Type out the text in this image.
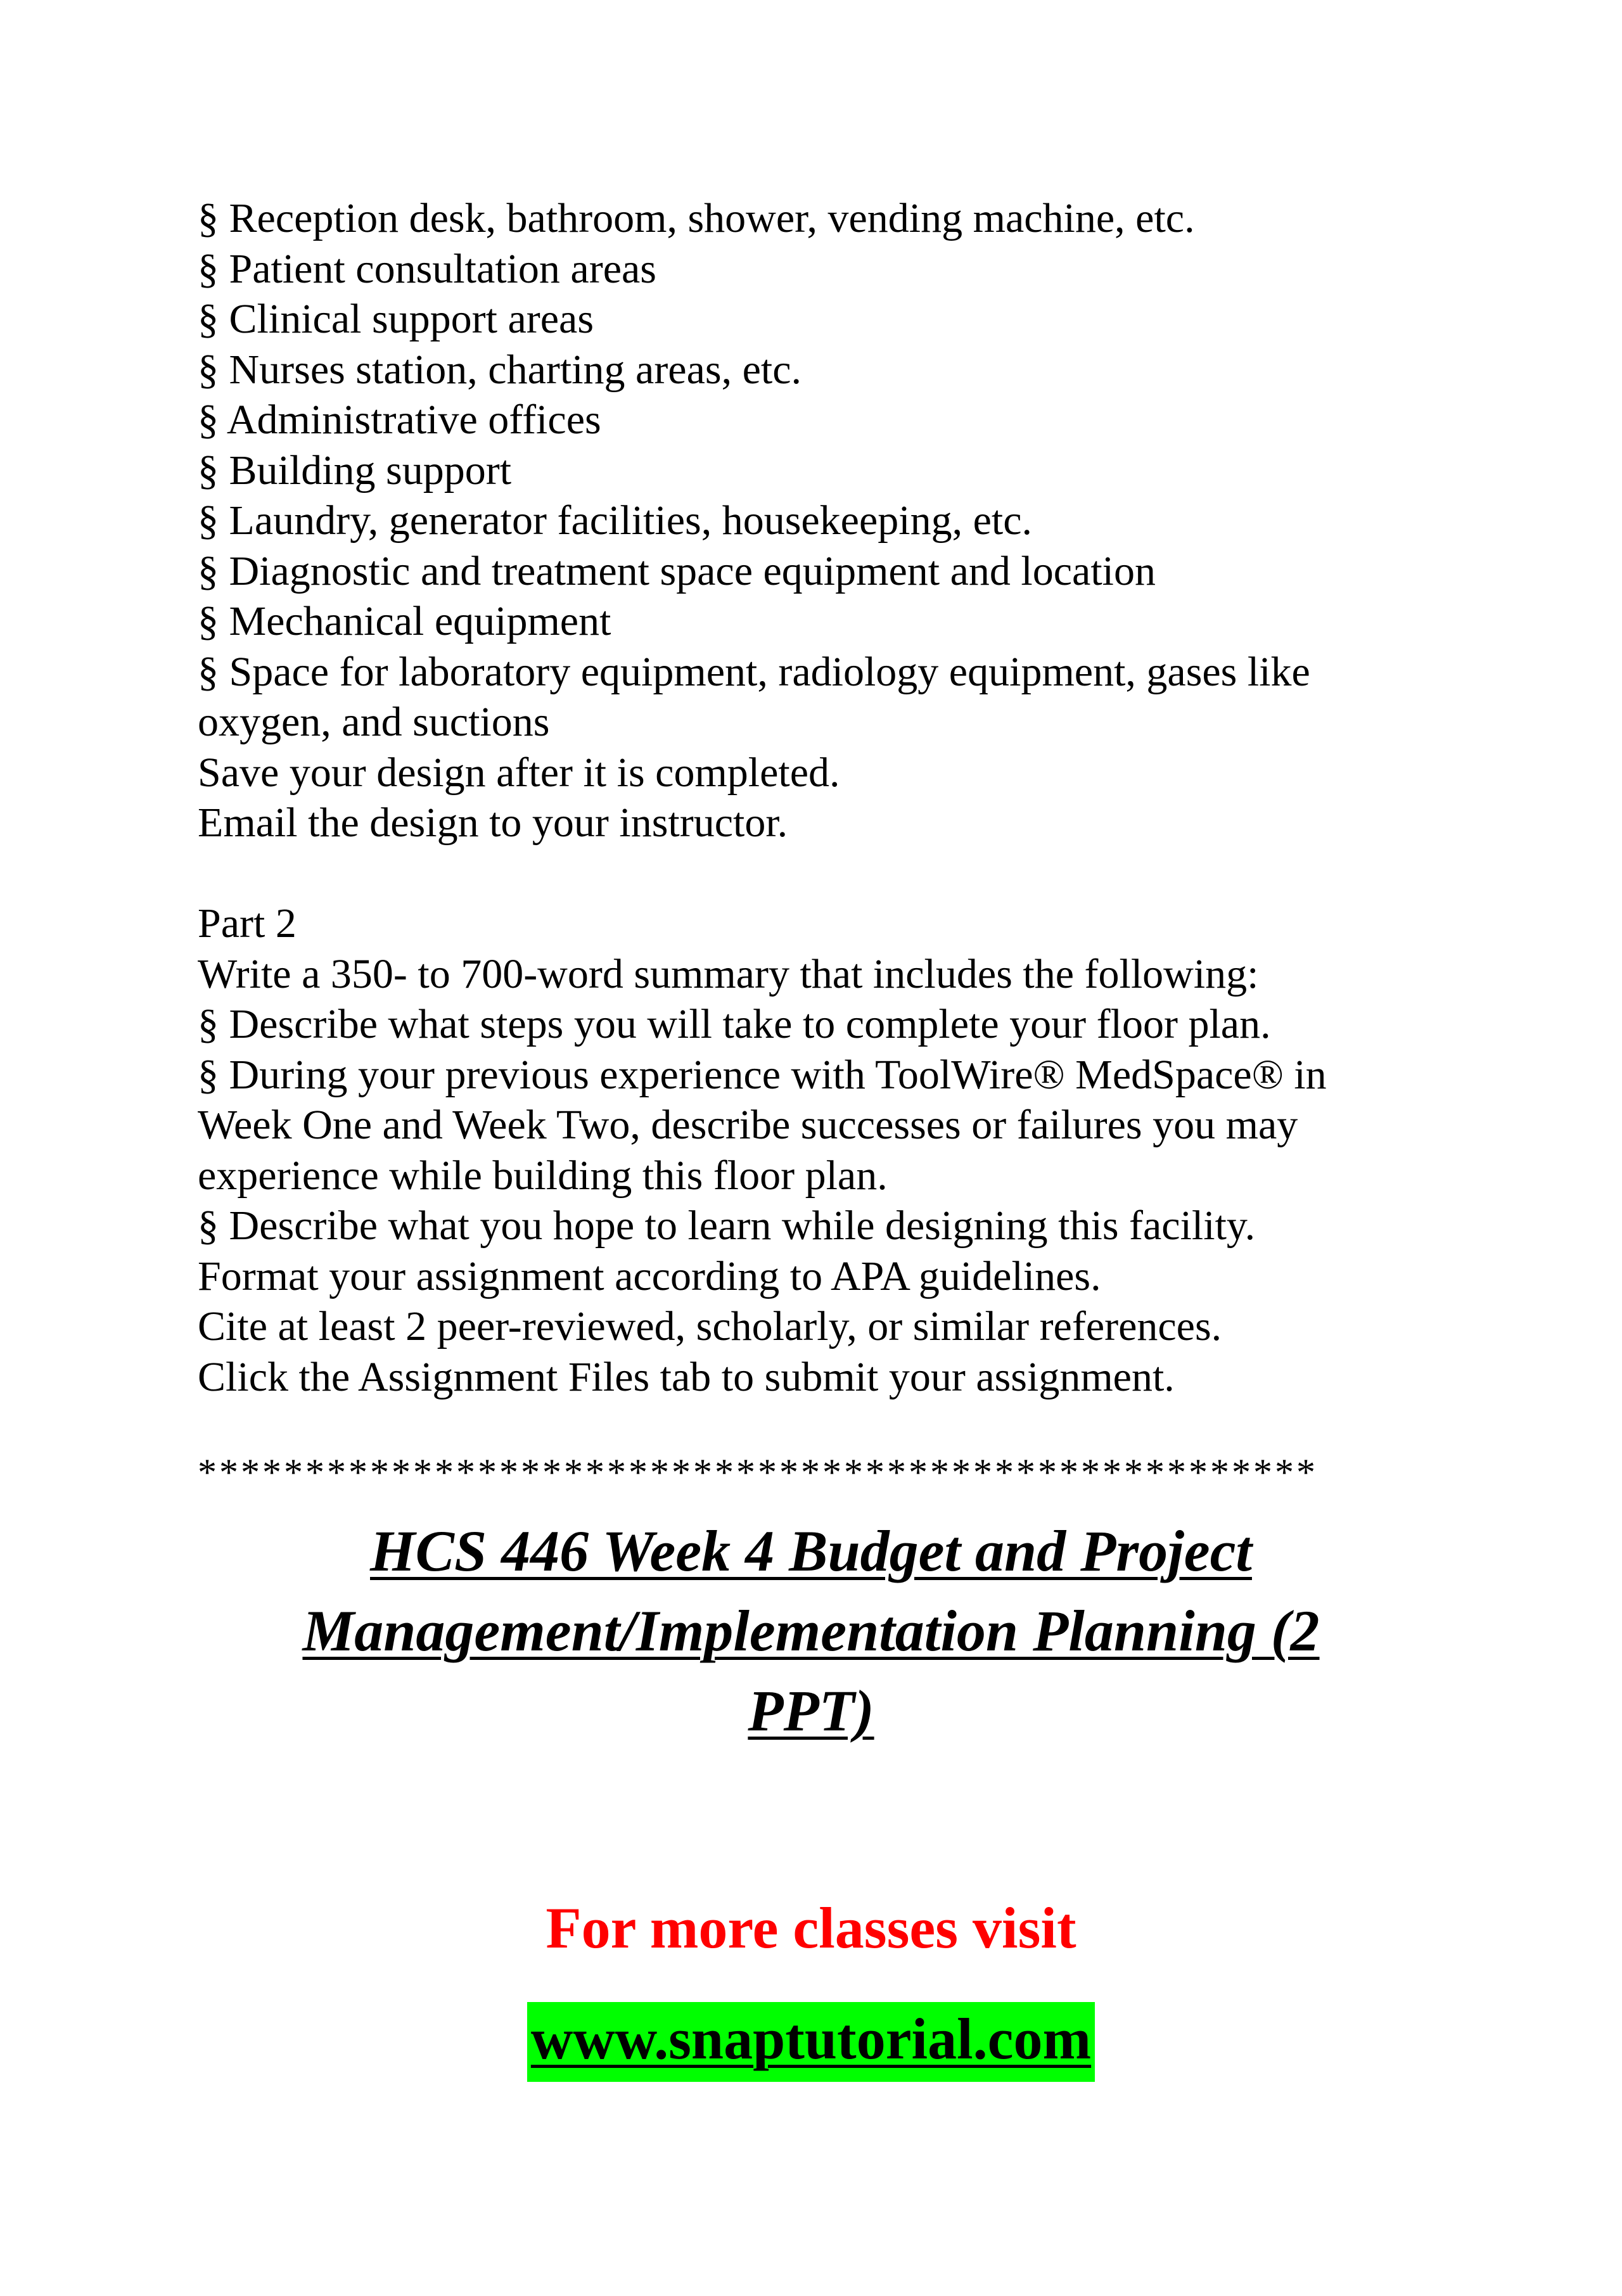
§ Reception desk, bathroom, shower, vending machine, etc.
§ Patient consultation areas
§ Clinical support areas
§ Nurses station, charting areas, etc.
§ Administrative offices
§ Building support
§ Laundry, generator facilities, housekeeping, etc.
§ Diagnostic and treatment space equipment and location
§ Mechanical equipment
§ Space for laboratory equipment, radiology equipment, gases like
oxygen, and suctions
Save your design after it is completed.
Email the design to your instructor.
Part 2
Write a 350- to 700-word summary that includes the following:
§ Describe what steps you will take to complete your floor plan.
§ During your previous experience with ToolWire® MedSpace® in
Week One and Week Two, describe successes or failures you may
experience while building this floor plan.
§ Describe what you hope to learn while designing this facility.
Format your assignment according to APA guidelines.
Cite at least 2 peer-reviewed, scholarly, or similar references.
Click the Assignment Files tab to submit your assignment.
****************************************************
HCS 446 Week 4 Budget and Project
Management/Implementation Planning (2
PPT)
For more classes visit
www.snaptutorial.com
